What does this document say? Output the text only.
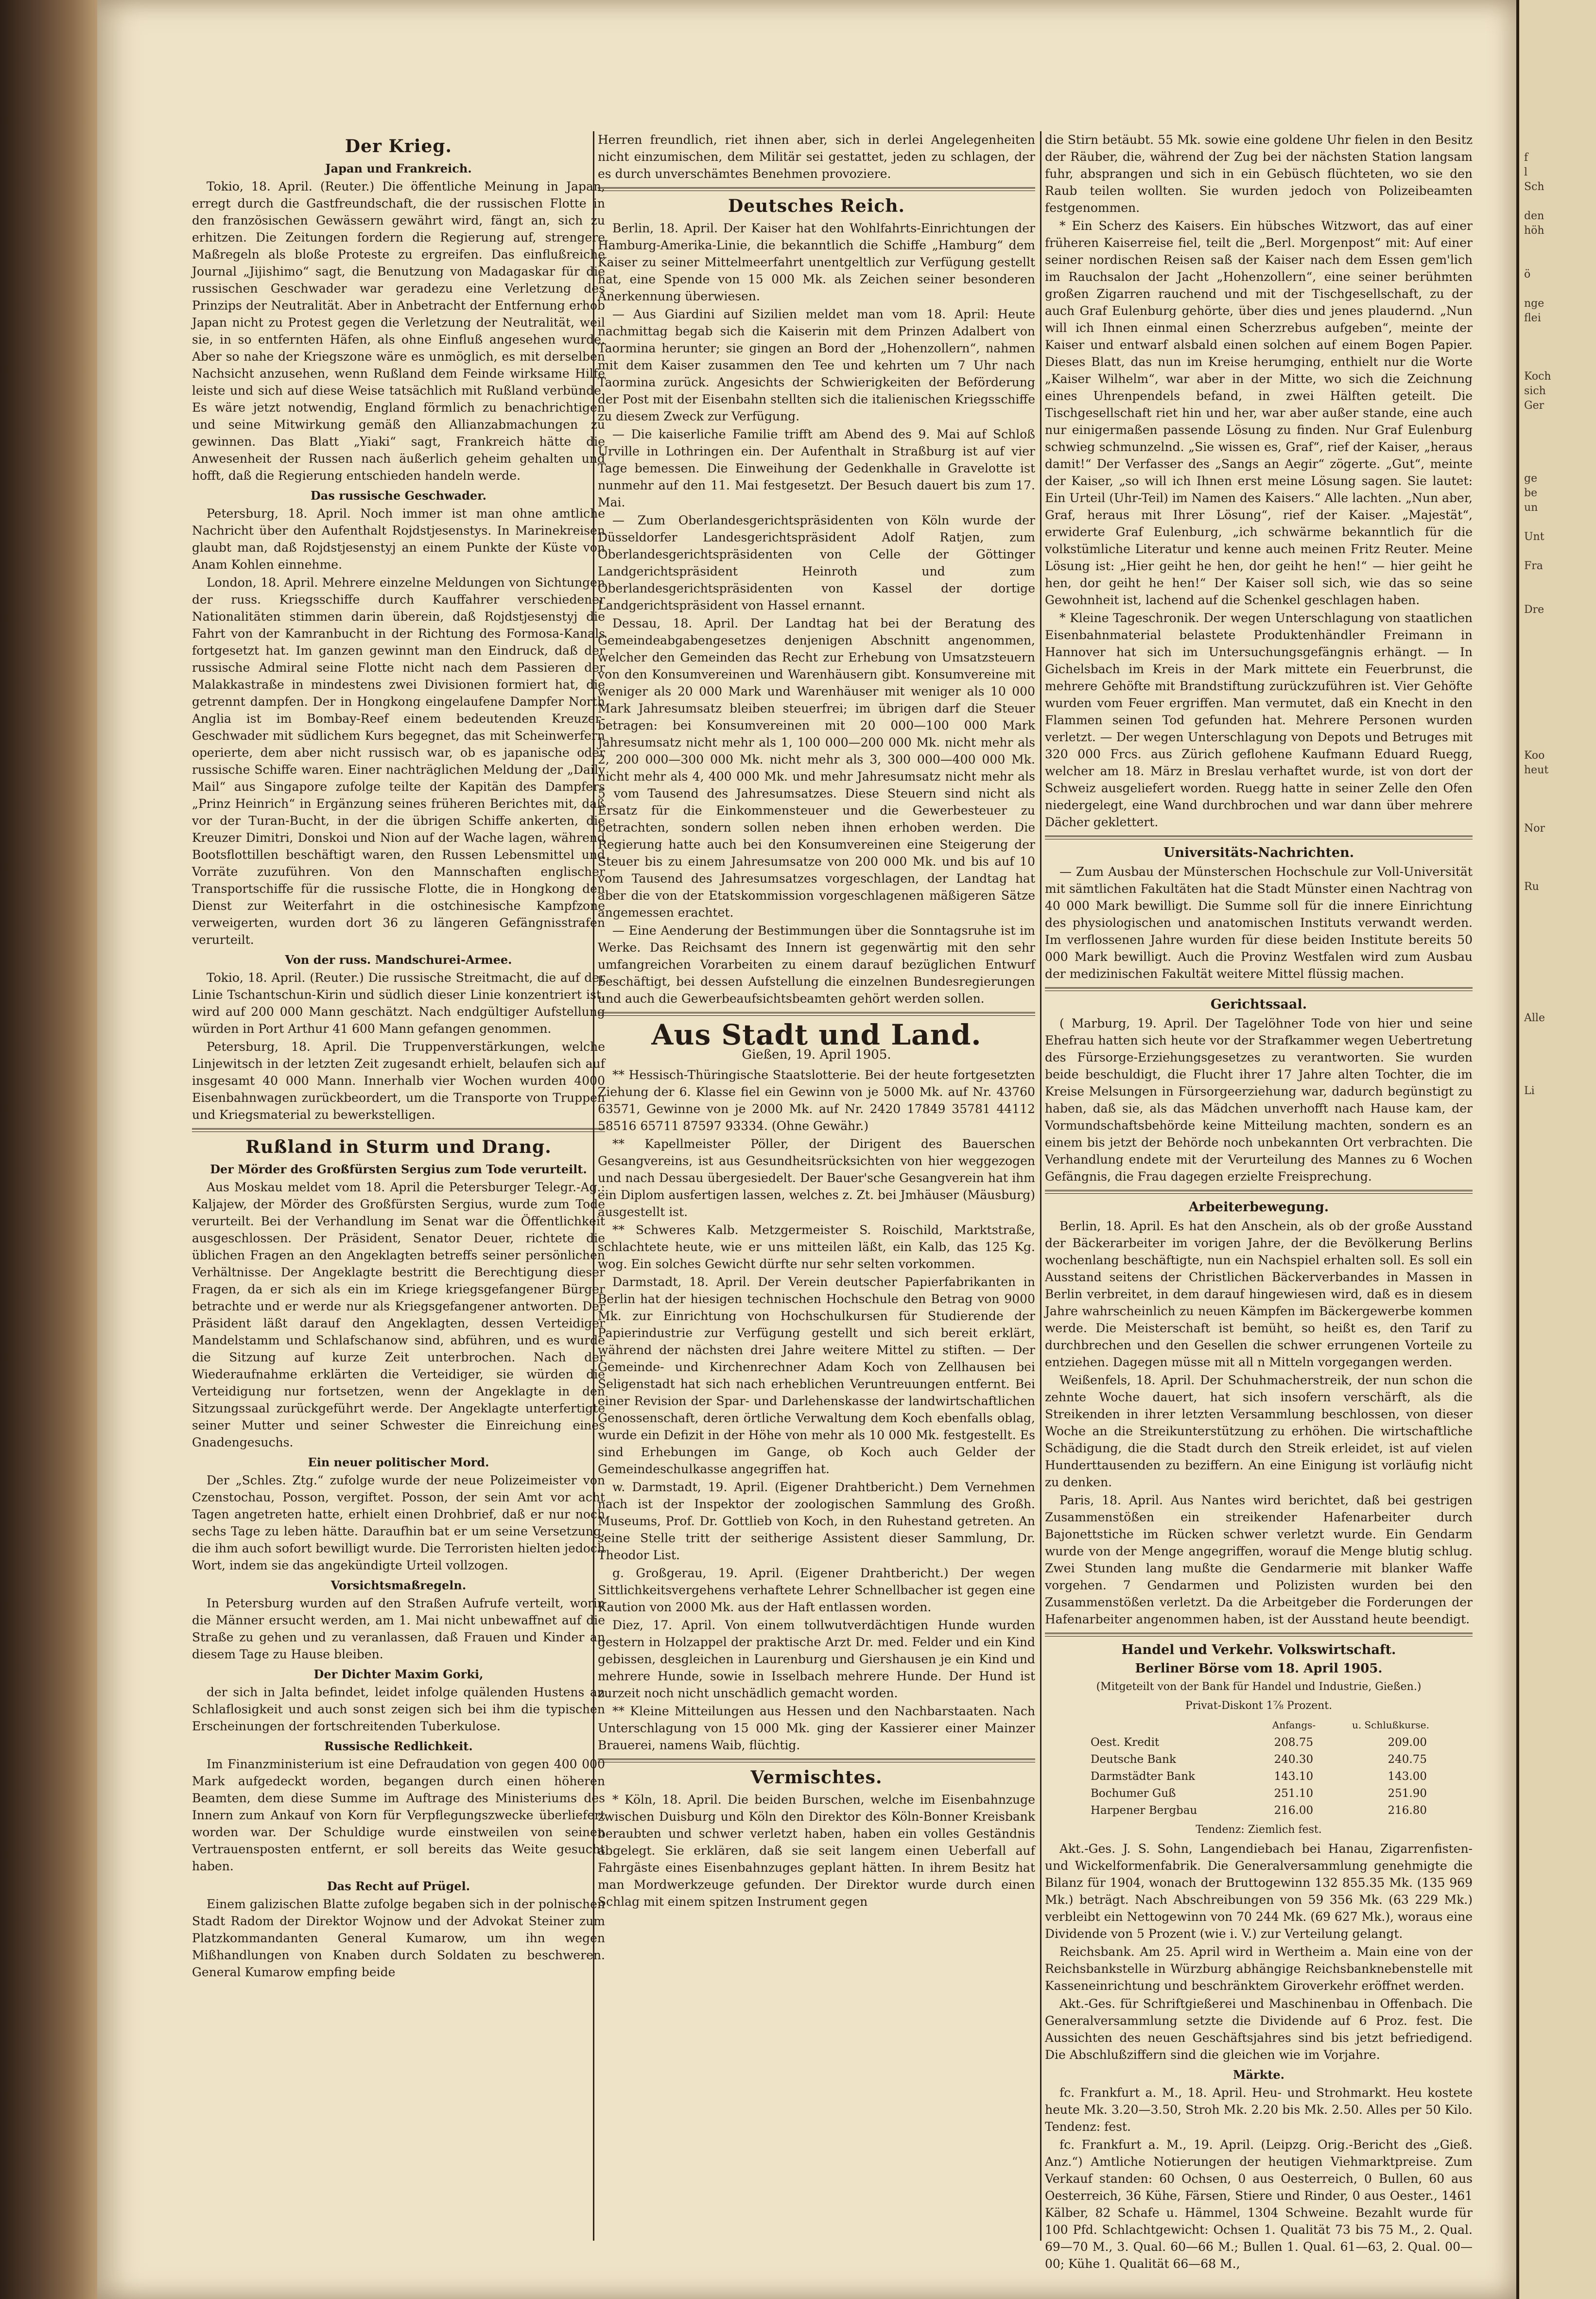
Der Krieg.
Japan und Frankreich.

Tokio, 18. April. (Reuter.) Die öffentliche Meinung in Japan, erregt durch die Gastfreundschaft, die der russischen Flotte in den französischen Gewässern gewährt wird, fängt an, sich zu erhitzen. Die Zeitungen fordern die Regierung auf, strengere Maßregeln als bloße Proteste zu ergreifen. Das einflußreiche Journal „Jijishimo“ sagt, die Benutzung von Madagaskar für die russischen Geschwader war geradezu eine Verletzung des Prinzips der Neutralität. Aber in Anbetracht der Entfernung erhob Japan nicht zu Protest gegen die Verletzung der Neutralität, weil sie, in so entfernten Häfen, als ohne Einfluß angesehen wurde. Aber so nahe der Kriegszone wäre es unmöglich, es mit derselben Nachsicht anzusehen, wenn Rußland dem Feinde wirksame Hilfe leiste und sich auf diese Weise tatsächlich mit Rußland verbünde. Es wäre jetzt notwendig, England förmlich zu benachrichtigen und seine Mitwirkung gemäß den Allianzabmachungen zu gewinnen. Das Blatt „Yiaki“ sagt, Frankreich hätte die Anwesenheit der Russen nach äußerlich geheim gehalten und hofft, daß die Regierung entschieden handeln werde.

Das russische Geschwader.

Petersburg, 18. April. Noch immer ist man ohne amtliche Nachricht über den Aufenthalt Rojdstjesenstys. In Marinekreisen glaubt man, daß Rojdstjesenstyj an einem Punkte der Küste von Anam Kohlen einnehme.

London, 18. April. Mehrere einzelne Meldungen von Sichtungen der russ. Kriegsschiffe durch Kauffahrer verschiedener Nationalitäten stimmen darin überein, daß Rojdstjesenstyj die Fahrt von der Kamranbucht in der Richtung des Formosa-Kanals fortgesetzt hat. Im ganzen gewinnt man den Eindruck, daß der russische Admiral seine Flotte nicht nach dem Passieren der Malakkastraße in mindestens zwei Divisionen formiert hat, die getrennt dampfen. Der in Hongkong eingelaufene Dampfer North Anglia ist im Bombay-Reef einem bedeutenden Kreuzer-Geschwader mit südlichem Kurs begegnet, das mit Scheinwerfern operierte, dem aber nicht russisch war, ob es japanische oder russische Schiffe waren. Einer nachträglichen Meldung der „Daily Mail“ aus Singapore zufolge teilte der Kapitän des Dampfers „Prinz Heinrich“ in Ergänzung seines früheren Berichtes mit, daß vor der Turan-Bucht, in der die übrigen Schiffe ankerten, die Kreuzer Dimitri, Donskoi und Nion auf der Wache lagen, während Bootsflottillen beschäftigt waren, den Russen Lebensmittel und Vorräte zuzuführen. Von den Mannschaften englischer Transportschiffe für die russische Flotte, die in Hongkong den Dienst zur Weiterfahrt in die ostchinesische Kampfzone verweigerten, wurden dort 36 zu längeren Gefängnisstrafen verurteilt.

Von der russ. Mandschurei-Armee.

Tokio, 18. April. (Reuter.) Die russische Streitmacht, die auf der Linie Tschantschun-Kirin und südlich dieser Linie konzentriert ist, wird auf 200 000 Mann geschätzt. Nach endgültiger Aufstellung würden in Port Arthur 41 600 Mann gefangen genommen.

Petersburg, 18. April. Die Truppenverstärkungen, welche Linjewitsch in der letzten Zeit zugesandt erhielt, belaufen sich auf insgesamt 40 000 Mann. Innerhalb vier Wochen wurden 4000 Eisenbahnwagen zurückbeordert, um die Transporte von Truppen und Kriegsmaterial zu bewerkstelligen.

Rußland in Sturm und Drang.
Der Mörder des Großfürsten Sergius zum Tode verurteilt.

Aus Moskau meldet vom 18. April die Petersburger Telegr.-Ag.: Kaljajew, der Mörder des Großfürsten Sergius, wurde zum Tode verurteilt. Bei der Verhandlung im Senat war die Öffentlichkeit ausgeschlossen. Der Präsident, Senator Deuer, richtete die üblichen Fragen an den Angeklagten betreffs seiner persönlichen Verhältnisse. Der Angeklagte bestritt die Berechtigung dieser Fragen, da er sich als ein im Kriege kriegsgefangener Bürger betrachte und er werde nur als Kriegsgefangener antworten. Der Präsident läßt darauf den Angeklagten, dessen Verteidiger Mandelstamm und Schlafschanow sind, abführen, und es wurde die Sitzung auf kurze Zeit unterbrochen. Nach der Wiederaufnahme erklärten die Verteidiger, sie würden die Verteidigung nur fortsetzen, wenn der Angeklagte in den Sitzungssaal zurückgeführt werde. Der Angeklagte unterfertigte seiner Mutter und seiner Schwester die Einreichung eines Gnadengesuchs.

Ein neuer politischer Mord.

Der „Schles. Ztg.“ zufolge wurde der neue Polizeimeister von Czenstochau, Posson, vergiftet. Posson, der sein Amt vor acht Tagen angetreten hatte, erhielt einen Drohbrief, daß er nur noch sechs Tage zu leben hätte. Daraufhin bat er um seine Versetzung, die ihm auch sofort bewilligt wurde. Die Terroristen hielten jedoch Wort, indem sie das angekündigte Urteil vollzogen.

Vorsichtsmaßregeln.

In Petersburg wurden auf den Straßen Aufrufe verteilt, worin die Männer ersucht werden, am 1. Mai nicht unbewaffnet auf die Straße zu gehen und zu veranlassen, daß Frauen und Kinder an diesem Tage zu Hause bleiben.

Der Dichter Maxim Gorki,

der sich in Jalta befindet, leidet infolge quälenden Hustens an Schlaflosigkeit und auch sonst zeigen sich bei ihm die typischen Erscheinungen der fortschreitenden Tuberkulose.

Russische Redlichkeit.

Im Finanzministerium ist eine Defraudation von gegen 400 000 Mark aufgedeckt worden, begangen durch einen höheren Beamten, dem diese Summe im Auftrage des Ministeriums des Innern zum Ankauf von Korn für Verpflegungszwecke überliefert worden war. Der Schuldige wurde einstweilen von seinen Vertrauensposten entfernt, er soll bereits das Weite gesucht haben.

Das Recht auf Prügel.

Einem galizischen Blatte zufolge begaben sich in der polnischen Stadt Radom der Direktor Wojnow und der Advokat Steiner zum Platzkommandanten General Kumarow, um ihn wegen Mißhandlungen von Knaben durch Soldaten zu beschweren. General Kumarow empfing beide

Herren freundlich, riet ihnen aber, sich in derlei Angelegenheiten nicht einzumischen, dem Militär sei gestattet, jeden zu schlagen, der es durch unverschämtes Benehmen provoziere.

Deutsches Reich.

Berlin, 18. April. Der Kaiser hat den Wohlfahrts-Einrichtungen der Hamburg-Amerika-Linie, die bekanntlich die Schiffe „Hamburg“ dem Kaiser zu seiner Mittelmeerfahrt unentgeltlich zur Verfügung gestellt hat, eine Spende von 15 000 Mk. als Zeichen seiner besonderen Anerkennung überwiesen.

— Aus Giardini auf Sizilien meldet man vom 18. April: Heute nachmittag begab sich die Kaiserin mit dem Prinzen Adalbert von Taormina herunter; sie gingen an Bord der „Hohenzollern“, nahmen mit dem Kaiser zusammen den Tee und kehrten um 7 Uhr nach Taormina zurück. Angesichts der Schwierigkeiten der Beförderung der Post mit der Eisenbahn stellten sich die italienischen Kriegsschiffe zu diesem Zweck zur Verfügung.

— Die kaiserliche Familie trifft am Abend des 9. Mai auf Schloß Urville in Lothringen ein. Der Aufenthalt in Straßburg ist auf vier Tage bemessen. Die Einweihung der Gedenkhalle in Gravelotte ist nunmehr auf den 11. Mai festgesetzt. Der Besuch dauert bis zum 17. Mai.

— Zum Oberlandesgerichtspräsidenten von Köln wurde der Düsseldorfer Landesgerichtspräsident Adolf Ratjen, zum Oberlandesgerichtspräsidenten von Celle der Göttinger Landgerichtspräsident Heinroth und zum Oberlandesgerichtspräsidenten von Kassel der dortige Landgerichtspräsident von Hassel ernannt.

Dessau, 18. April. Der Landtag hat bei der Beratung des Gemeindeabgabengesetzes denjenigen Abschnitt angenommen, welcher den Gemeinden das Recht zur Erhebung von Umsatzsteuern von den Konsumvereinen und Warenhäusern gibt. Konsumvereine mit weniger als 20 000 Mark und Warenhäuser mit weniger als 10 000 Mark Jahresumsatz bleiben steuerfrei; im übrigen darf die Steuer betragen: bei Konsumvereinen mit 20 000—100 000 Mark Jahresumsatz nicht mehr als 1, 100 000—200 000 Mk. nicht mehr als 2, 200 000—300 000 Mk. nicht mehr als 3, 300 000—400 000 Mk. nicht mehr als 4, 400 000 Mk. und mehr Jahresumsatz nicht mehr als 5 vom Tausend des Jahresumsatzes. Diese Steuern sind nicht als Ersatz für die Einkommensteuer und die Gewerbesteuer zu betrachten, sondern sollen neben ihnen erhoben werden. Die Regierung hatte auch bei den Konsumvereinen eine Steigerung der Steuer bis zu einem Jahresumsatze von 200 000 Mk. und bis auf 10 vom Tausend des Jahresumsatzes vorgeschlagen, der Landtag hat aber die von der Etatskommission vorgeschlagenen mäßigeren Sätze angemessen erachtet.

— Eine Aenderung der Bestimmungen über die Sonntagsruhe ist im Werke. Das Reichsamt des Innern ist gegenwärtig mit den sehr umfangreichen Vorarbeiten zu einem darauf bezüglichen Entwurf beschäftigt, bei dessen Aufstellung die einzelnen Bundesregierungen und auch die Gewerbeaufsichtsbeamten gehört werden sollen.

Aus Stadt und Land.
Gießen, 19. April 1905.

** Hessisch-Thüringische Staatslotterie. Bei der heute fortgesetzten Ziehung der 6. Klasse fiel ein Gewinn von je 5000 Mk. auf Nr. 43760 63571, Gewinne von je 2000 Mk. auf Nr. 2420 17849 35781 44112 58516 65711 87597 93334. (Ohne Gewähr.)

** Kapellmeister Pöller, der Dirigent des Bauerschen Gesangvereins, ist aus Gesundheitsrücksichten von hier weggezogen und nach Dessau übergesiedelt. Der Bauer'sche Gesangverein hat ihm ein Diplom ausfertigen lassen, welches z. Zt. bei Jmhäuser (Mäusburg) ausgestellt ist.

** Schweres Kalb. Metzgermeister S. Roischild, Marktstraße, schlachtete heute, wie er uns mitteilen läßt, ein Kalb, das 125 Kg. wog. Ein solches Gewicht dürfte nur sehr selten vorkommen.

Darmstadt, 18. April. Der Verein deutscher Papierfabrikanten in Berlin hat der hiesigen technischen Hochschule den Betrag von 9000 Mk. zur Einrichtung von Hochschulkursen für Studierende der Papierindustrie zur Verfügung gestellt und sich bereit erklärt, während der nächsten drei Jahre weitere Mittel zu stiften. — Der Gemeinde- und Kirchenrechner Adam Koch von Zellhausen bei Seligenstadt hat sich nach erheblichen Veruntreuungen entfernt. Bei einer Revision der Spar- und Darlehenskasse der landwirtschaftlichen Genossenschaft, deren örtliche Verwaltung dem Koch ebenfalls oblag, wurde ein Defizit in der Höhe von mehr als 10 000 Mk. festgestellt. Es sind Erhebungen im Gange, ob Koch auch Gelder der Gemeindeschulkasse angegriffen hat.

w. Darmstadt, 19. April. (Eigener Drahtbericht.) Dem Vernehmen nach ist der Inspektor der zoologischen Sammlung des Großh. Museums, Prof. Dr. Gottlieb von Koch, in den Ruhestand getreten. An seine Stelle tritt der seitherige Assistent dieser Sammlung, Dr. Theodor List.

g. Großgerau, 19. April. (Eigener Drahtbericht.) Der wegen Sittlichkeitsvergehens verhaftete Lehrer Schnellbacher ist gegen eine Kaution von 2000 Mk. aus der Haft entlassen worden.

Diez, 17. April. Von einem tollwutverdächtigen Hunde wurden gestern in Holzappel der praktische Arzt Dr. med. Felder und ein Kind gebissen, desgleichen in Laurenburg und Giershausen je ein Kind und mehrere Hunde, sowie in Isselbach mehrere Hunde. Der Hund ist zurzeit noch nicht unschädlich gemacht worden.

** Kleine Mitteilungen aus Hessen und den Nachbarstaaten. Nach Unterschlagung von 15 000 Mk. ging der Kassierer einer Mainzer Brauerei, namens Waib, flüchtig.

Vermischtes.

* Köln, 18. April. Die beiden Burschen, welche im Eisenbahnzuge zwischen Duisburg und Köln den Direktor des Köln-Bonner Kreisbank beraubten und schwer verletzt haben, haben ein volles Geständnis abgelegt. Sie erklären, daß sie seit langem einen Ueberfall auf Fahrgäste eines Eisenbahnzuges geplant hätten. In ihrem Besitz hat man Mordwerkzeuge gefunden. Der Direktor wurde durch einen Schlag mit einem spitzen Instrument gegen

die Stirn betäubt. 55 Mk. sowie eine goldene Uhr fielen in den Besitz der Räuber, die, während der Zug bei der nächsten Station langsam fuhr, absprangen und sich in ein Gebüsch flüchteten, wo sie den Raub teilen wollten. Sie wurden jedoch von Polizeibeamten festgenommen.

* Ein Scherz des Kaisers. Ein hübsches Witzwort, das auf einer früheren Kaiserreise fiel, teilt die „Berl. Morgenpost“ mit: Auf einer seiner nordischen Reisen saß der Kaiser nach dem Essen gem'lich im Rauchsalon der Jacht „Hohenzollern“, eine seiner berühmten großen Zigarren rauchend und mit der Tischgesellschaft, zu der auch Graf Eulenburg gehörte, über dies und jenes plaudernd. „Nun will ich Ihnen einmal einen Scherzrebus aufgeben“, meinte der Kaiser und entwarf alsbald einen solchen auf einem Bogen Papier. Dieses Blatt, das nun im Kreise herumging, enthielt nur die Worte „Kaiser Wilhelm“, war aber in der Mitte, wo sich die Zeichnung eines Uhrenpendels befand, in zwei Hälften geteilt. Die Tischgesellschaft riet hin und her, war aber außer stande, eine auch nur einigermaßen passende Lösung zu finden. Nur Graf Eulenburg schwieg schmunzelnd. „Sie wissen es, Graf“, rief der Kaiser, „heraus damit!“ Der Verfasser des „Sangs an Aegir“ zögerte. „Gut“, meinte der Kaiser, „so will ich Ihnen erst meine Lösung sagen. Sie lautet: Ein Urteil (Uhr-Teil) im Namen des Kaisers.“ Alle lachten. „Nun aber, Graf, heraus mit Ihrer Lösung“, rief der Kaiser. „Majestät“, erwiderte Graf Eulenburg, „ich schwärme bekanntlich für die volkstümliche Literatur und kenne auch meinen Fritz Reuter. Meine Lösung ist: „Hier geiht he hen, dor geiht he hen!“ — hier geiht he hen, dor geiht he hen!“ Der Kaiser soll sich, wie das so seine Gewohnheit ist, lachend auf die Schenkel geschlagen haben.

* Kleine Tageschronik. Der wegen Unterschlagung von staatlichen Eisenbahnmaterial belastete Produktenhändler Freimann in Hannover hat sich im Untersuchungsgefängnis erhängt. — In Gichelsbach im Kreis in der Mark mittete ein Feuerbrunst, die mehrere Gehöfte mit Brandstiftung zurückzuführen ist. Vier Gehöfte wurden vom Feuer ergriffen. Man vermutet, daß ein Knecht in den Flammen seinen Tod gefunden hat. Mehrere Personen wurden verletzt. — Der wegen Unterschlagung von Depots und Betruges mit 320 000 Frcs. aus Zürich geflohene Kaufmann Eduard Ruegg, welcher am 18. März in Breslau verhaftet wurde, ist von dort der Schweiz ausgeliefert worden. Ruegg hatte in seiner Zelle den Ofen niedergelegt, eine Wand durchbrochen und war dann über mehrere Dächer geklettert.

Universitäts-Nachrichten.

— Zum Ausbau der Münsterschen Hochschule zur Voll-Universität mit sämtlichen Fakultäten hat die Stadt Münster einen Nachtrag von 40 000 Mark bewilligt. Die Summe soll für die innere Einrichtung des physiologischen und anatomischen Instituts verwandt werden. Im verflossenen Jahre wurden für diese beiden Institute bereits 50 000 Mark bewilligt. Auch die Provinz Westfalen wird zum Ausbau der medizinischen Fakultät weitere Mittel flüssig machen.

Gerichtssaal.

( Marburg, 19. April. Der Tagelöhner Tode von hier und seine Ehefrau hatten sich heute vor der Strafkammer wegen Uebertretung des Fürsorge-Erziehungsgesetzes zu verantworten. Sie wurden beide beschuldigt, die Flucht ihrer 17 Jahre alten Tochter, die im Kreise Melsungen in Fürsorgeerziehung war, dadurch begünstigt zu haben, daß sie, als das Mädchen unverhofft nach Hause kam, der Vormundschaftsbehörde keine Mitteilung machten, sondern es an einem bis jetzt der Behörde noch unbekannten Ort verbrachten. Die Verhandlung endete mit der Verurteilung des Mannes zu 6 Wochen Gefängnis, die Frau dagegen erzielte Freisprechung.

Arbeiterbewegung.

Berlin, 18. April. Es hat den Anschein, als ob der große Ausstand der Bäckerarbeiter im vorigen Jahre, der die Bevölkerung Berlins wochenlang beschäftigte, nun ein Nachspiel erhalten soll. Es soll ein Ausstand seitens der Christlichen Bäckerverbandes in Massen in Berlin verbreitet, in dem darauf hingewiesen wird, daß es in diesem Jahre wahrscheinlich zu neuen Kämpfen im Bäckergewerbe kommen werde. Die Meisterschaft ist bemüht, so heißt es, den Tarif zu durchbrechen und den Gesellen die schwer errungenen Vorteile zu entziehen. Dagegen müsse mit all n Mitteln vorgegangen werden.

Weißenfels, 18. April. Der Schuhmacherstreik, der nun schon die zehnte Woche dauert, hat sich insofern verschärft, als die Streikenden in ihrer letzten Versammlung beschlossen, von dieser Woche an die Streikunterstützung zu erhöhen. Die wirtschaftliche Schädigung, die die Stadt durch den Streik erleidet, ist auf vielen Hunderttausenden zu beziffern. An eine Einigung ist vorläufig nicht zu denken.

Paris, 18. April. Aus Nantes wird berichtet, daß bei gestrigen Zusammenstößen ein streikender Hafenarbeiter durch Bajonettstiche im Rücken schwer verletzt wurde. Ein Gendarm wurde von der Menge angegriffen, worauf die Menge blutig schlug. Zwei Stunden lang mußte die Gendarmerie mit blanker Waffe vorgehen. 7 Gendarmen und Polizisten wurden bei den Zusammenstößen verletzt. Da die Arbeitgeber die Forderungen der Hafenarbeiter angenommen haben, ist der Ausstand heute beendigt.

Handel und Verkehr. Volkswirtschaft.
Berliner Börse vom 18. April 1905.
(Mitgeteilt von der Bank für Handel und Industrie, Gießen.)
Privat-Diskont 1⁷⁄₈ Prozent.
	Anfangs-	u. Schlußkurse.
Oest. Kredit	208.75	209.00
Deutsche Bank	240.30	240.75
Darmstädter Bank	143.10	143.00
Bochumer Guß	251.10	251.90
Harpener Bergbau	216.00	216.80
Tendenz: Ziemlich fest.

Akt.-Ges. J. S. Sohn, Langendiebach bei Hanau, Zigarrenfisten- und Wickelformenfabrik. Die Generalversammlung genehmigte die Bilanz für 1904, wonach der Bruttogewinn 132 855.35 Mk. (135 969 Mk.) beträgt. Nach Abschreibungen von 59 356 Mk. (63 229 Mk.) verbleibt ein Nettogewinn von 70 244 Mk. (69 627 Mk.), woraus eine Dividende von 5 Prozent (wie i. V.) zur Verteilung gelangt.

Reichsbank. Am 25. April wird in Wertheim a. Main eine von der Reichsbankstelle in Würzburg abhängige Reichsbanknebenstelle mit Kasseneinrichtung und beschränktem Giroverkehr eröffnet werden.

Akt.-Ges. für Schriftgießerei und Maschinenbau in Offenbach. Die Generalversammlung setzte die Dividende auf 6 Proz. fest. Die Aussichten des neuen Geschäftsjahres sind bis jetzt befriedigend. Die Abschlußziffern sind die gleichen wie im Vorjahre.

Märkte.

fc. Frankfurt a. M., 18. April. Heu- und Strohmarkt. Heu kostete heute Mk. 3.20—3.50, Stroh Mk. 2.20 bis Mk. 2.50. Alles per 50 Kilo. Tendenz: fest.

fc. Frankfurt a. M., 19. April. (Leipzg. Orig.-Bericht des „Gieß. Anz.“) Amtliche Notierungen der heutigen Viehmarktpreise. Zum Verkauf standen: 60 Ochsen, 0 aus Oesterreich, 0 Bullen, 60 aus Oesterreich, 36 Kühe, Färsen, Stiere und Rinder, 0 aus Oester., 1461 Kälber, 82 Schafe u. Hämmel, 1304 Schweine. Bezahlt wurde für 100 Pfd. Schlachtgewicht: Ochsen 1. Qualität 73 bis 75 M., 2. Qual. 69—70 M., 3. Qual. 60—66 M.; Bullen 1. Qual. 61—63, 2. Qual. 00—00; Kühe 1. Qualität 66—68 M.,

f
l
Sch

den
höh

ö

nge
flei

Koch
sich
Ger

ge
be
un

Unt

Fra

Dre

Koo
heut

Nor

Ru

Alle

Li
